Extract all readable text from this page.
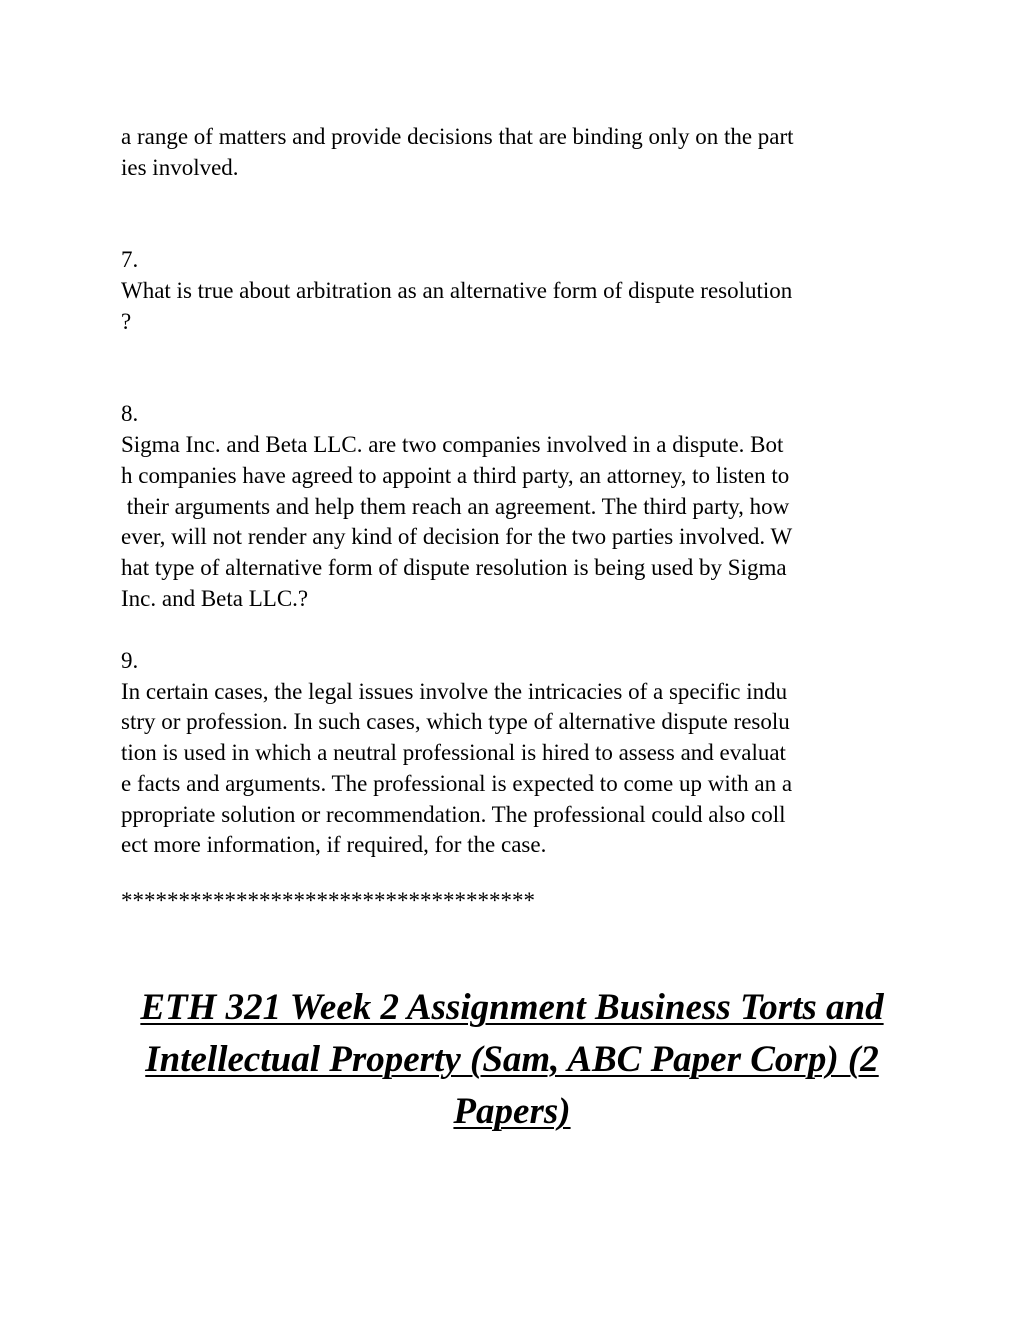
a range of matters and provide decisions that are binding only on the part

ies involved.

7.

What is true about arbitration as an alternative form of dispute resolution

?

8.

Sigma Inc. and Beta LLC. are two companies involved in a dispute. Bot

h companies have agreed to appoint a third party, an attorney, to listen to

their arguments and help them reach an agreement. The third party, how

ever, will not render any kind of decision for the two parties involved. W

hat type of alternative form of dispute resolution is being used by Sigma

Inc. and Beta LLC.?

9.

In certain cases, the legal issues involve the intricacies of a specific indu

stry or profession. In such cases, which type of alternative dispute resolu

tion is used in which a neutral professional is hired to assess and evaluat

e facts and arguments. The professional is expected to come up with an a

ppropriate solution or recommendation. The professional could also coll

ect more information, if required, for the case.

************************************

ETH 321 Week 2 Assignment Business Torts and
Intellectual Property (Sam, ABC Paper Corp) (2
Papers)
